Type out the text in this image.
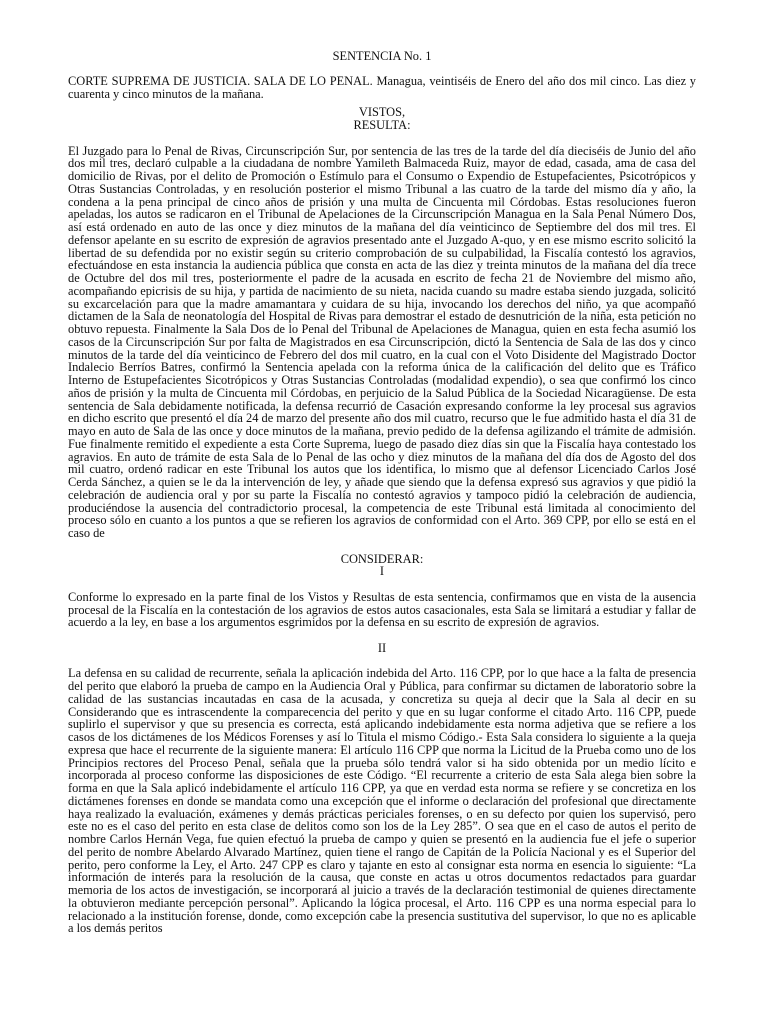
SENTENCIA No. 1

CORTE SUPREMA DE JUSTICIA. SALA DE LO PENAL. Managua, veintiséis de Enero del año dos mil cinco. Las diez y cuarenta y cinco minutos de la mañana.

VISTOS,
RESULTA:

El Juzgado para lo Penal de Rivas, Circunscripción Sur, por sentencia de las tres de la tarde del día dieciséis de Junio del año dos mil tres, declaró culpable a la ciudadana de nombre Yamileth Balmaceda Ruiz, mayor de edad, casada, ama de casa del domicilio de Rivas, por el delito de Promoción o Estímulo para el Consumo o Expendio de Estupefacientes, Psicotrópicos y Otras Sustancias Controladas, y en resolución posterior el mismo Tribunal a las cuatro de la tarde del mismo día y año, la condena a la pena principal de cinco años de prisión y una multa de Cincuenta mil Córdobas. Estas resoluciones fueron apeladas, los autos se radicaron en el Tribunal de Apelaciones de la Circunscripción Managua en la Sala Penal Número Dos, así está ordenado en auto de las once y diez minutos de la mañana del día veinticinco de Septiembre del dos mil tres. El defensor apelante en su escrito de expresión de agravios presentado ante el Juzgado A-quo, y en ese mismo escrito solicitó la libertad de su defendida por no existir según su criterio comprobación de su culpabilidad, la Fiscalía contestó los agravios, efectuándose en esta instancia la audiencia pública que consta en acta de las diez y treinta minutos de la mañana del día trece de Octubre del dos mil tres, posteriormente el padre de la acusada en escrito de fecha 21 de Noviembre del mismo año, acompañando epicrisis de su hija, y partida de nacimiento de su nieta, nacida cuando su madre estaba siendo juzgada, solicitó su excarcelación para que la madre amamantara y cuidara de su hija, invocando los derechos del niño, ya que acompañó dictamen de la Sala de neonatología del Hospital de Rivas para demostrar el estado de desnutrición de la niña, esta petición no obtuvo repuesta. Finalmente la Sala Dos de lo Penal del Tribunal de Apelaciones de Managua, quien en esta fecha asumió los casos de la Circunscripción Sur por falta de Magistrados en esa Circunscripción, dictó la Sentencia de Sala de las dos y cinco minutos de la tarde del día veinticinco de Febrero del dos mil cuatro, en la cual con el Voto Disidente del Magistrado Doctor Indalecio Berríos Batres, confirmó la Sentencia apelada con la reforma única de la calificación del delito que es Tráfico Interno de Estupefacientes Sicotrópicos y Otras Sustancias Controladas (modalidad expendio), o sea que confirmó los cinco años de prisión y la multa de Cincuenta mil Córdobas, en perjuicio de la Salud Pública de la Sociedad Nicaragüense. De esta sentencia de Sala debidamente notificada, la defensa recurrió de Casación expresando conforme la ley procesal sus agravios en dicho escrito que presentó el día 24 de marzo del presente año dos mil cuatro, recurso que le fue admitido hasta el día 31 de mayo en auto de Sala de las once y doce minutos de la mañana, previo pedido de la defensa agilizando el trámite de admisión. Fue finalmente remitido el expediente a esta Corte Suprema, luego de pasado diez días sin que la Fiscalía haya contestado los agravios. En auto de trámite de esta Sala de lo Penal de las ocho y diez minutos de la mañana del día dos de Agosto del dos mil cuatro, ordenó radicar en este Tribunal los autos que los identifica, lo mismo que al defensor Licenciado Carlos José Cerda Sánchez, a quien se le da la intervención de ley, y añade que siendo que la defensa expresó sus agravios y que pidió la celebración de audiencia oral y por su parte la Fiscalía no contestó agravios y tampoco pidió la celebración de audiencia, produciéndose la ausencia del contradictorio procesal, la competencia de este Tribunal está limitada al conocimiento del proceso sólo en cuanto a los puntos a que se refieren los agravios de conformidad con el Arto. 369 CPP, por ello se está en el caso de

CONSIDERAR:
I

Conforme lo expresado en la parte final de los Vistos y Resultas de esta sentencia, confirmamos que en vista de la ausencia procesal de la Fiscalía en la contestación de los agravios de estos autos casacionales, esta Sala se limitará a estudiar y fallar de acuerdo a la ley, en base a los argumentos esgrimidos por la defensa en su escrito de expresión de agravios.

II

La defensa en su calidad de recurrente, señala la aplicación indebida del Arto. 116 CPP, por lo que hace a la falta de presencia del perito que elaboró la prueba de campo en la Audiencia Oral y Pública, para confirmar su dictamen de laboratorio sobre la calidad de las sustancias incautadas en casa de la acusada, y concretiza su queja al decir que la Sala al decir en su Considerando que es intrascendente la comparecencia del perito y que en su lugar conforme el citado Arto. 116 CPP, puede suplirlo el supervisor y que su presencia es correcta, está aplicando indebidamente esta norma adjetiva que se refiere a los casos de los dictámenes de los Médicos Forenses y así lo Titula el mismo Código.- Esta Sala considera lo siguiente a la queja expresa que hace el recurrente de la siguiente manera: El artículo 116 CPP que norma la Licitud de la Prueba como uno de los Principios rectores del Proceso Penal, señala que la prueba sólo tendrá valor si ha sido obtenida por un medio lícito e incorporada al proceso conforme las disposiciones de este Código. “El recurrente a criterio de esta Sala alega bien sobre la forma en que la Sala aplicó indebidamente el artículo 116 CPP, ya que en verdad esta norma se refiere y se concretiza en los dictámenes forenses en donde se mandata como una excepción que el informe o declaración del profesional que directamente haya realizado la evaluación, exámenes y demás prácticas periciales forenses, o en su defecto por quien los supervisó, pero este no es el caso del perito en esta clase de delitos como son los de la Ley 285”. O sea que en el caso de autos el perito de nombre Carlos Hernán Vega, fue quien efectuó la prueba de campo y quien se presentó en la audiencia fue el jefe o superior del perito de nombre Abelardo Alvarado Martínez, quien tiene el rango de Capitán de la Policía Nacional y es el Superior del perito, pero conforme la Ley, el Arto. 247 CPP es claro y tajante en esto al consignar esta norma en esencia lo siguiente: “La información de interés para la resolución de la causa, que conste en actas u otros documentos redactados para guardar memoria de los actos de investigación, se incorporará al juicio a través de la declaración testimonial de quienes directamente la obtuvieron mediante percepción personal”. Aplicando la lógica procesal, el Arto. 116 CPP es una norma especial para lo relacionado a la institución forense, donde, como excepción cabe la presencia sustitutiva del supervisor, lo que no es aplicable a los demás peritos
